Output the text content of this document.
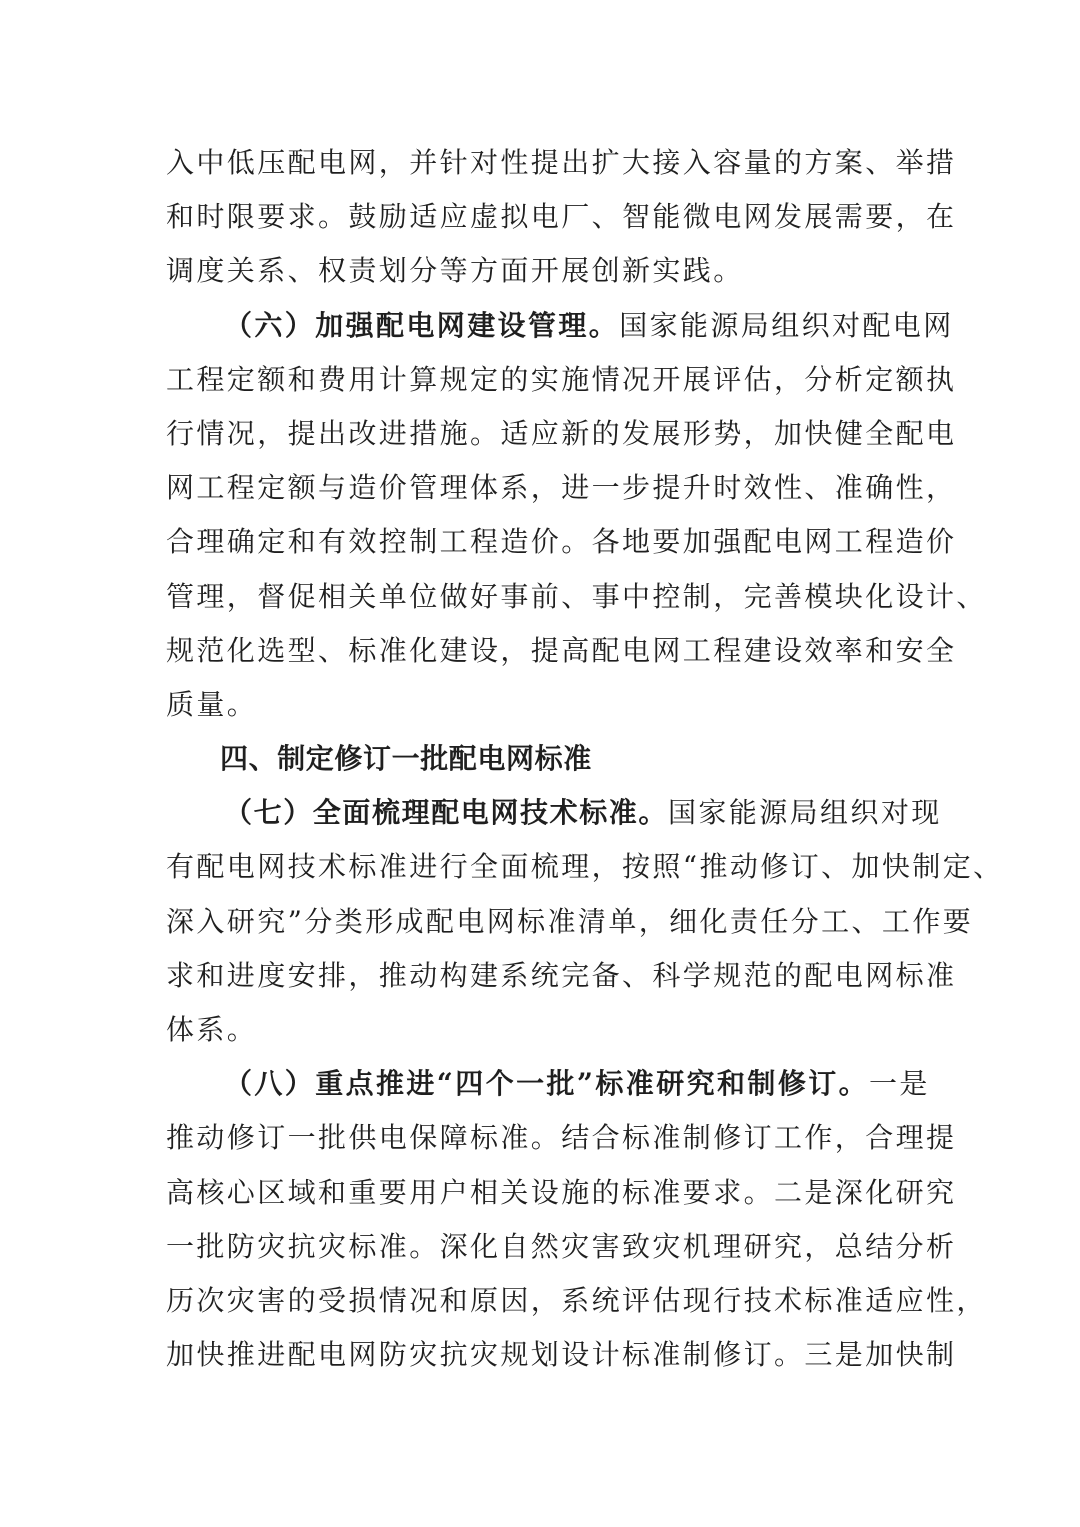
入中低压配电网，并针对性提出扩大接入容量的方案、举措
和时限要求。鼓励适应虚拟电厂、智能微电网发展需要，在
调度关系、权责划分等方面开展创新实践。
（六）加强配电网建设管理。国家能源局组织对配电网
工程定额和费用计算规定的实施情况开展评估，分析定额执
行情况，提出改进措施。适应新的发展形势，加快健全配电
网工程定额与造价管理体系，进一步提升时效性、准确性，
合理确定和有效控制工程造价。各地要加强配电网工程造价
管理，督促相关单位做好事前、事中控制，完善模块化设计、
规范化选型、标准化建设，提高配电网工程建设效率和安全
质量。
四、制定修订一批配电网标准
（七）全面梳理配电网技术标准。国家能源局组织对现
有配电网技术标准进行全面梳理，按照“推动修订、加快制定、
深入研究”分类形成配电网标准清单，细化责任分工、工作要
求和进度安排，推动构建系统完备、科学规范的配电网标准
体系。
（八）重点推进“四个一批”标准研究和制修订。一是
推动修订一批供电保障标准。结合标准制修订工作，合理提
高核心区域和重要用户相关设施的标准要求。二是深化研究
一批防灾抗灾标准。深化自然灾害致灾机理研究，总结分析
历次灾害的受损情况和原因，系统评估现行技术标准适应性，
加快推进配电网防灾抗灾规划设计标准制修订。三是加快制
